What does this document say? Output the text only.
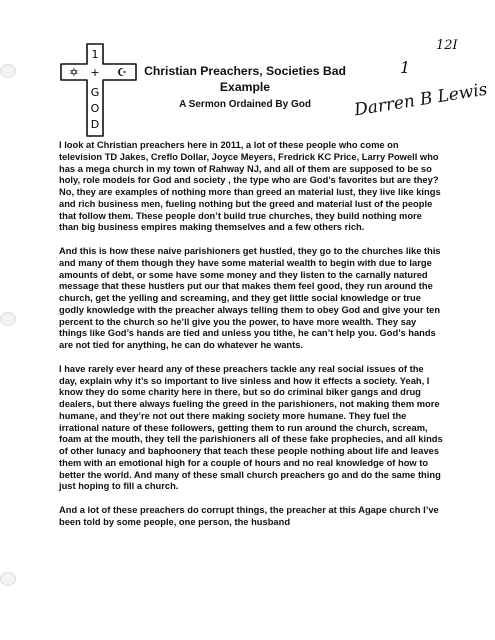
1
✡ + ☪
G
O
D
Christian Preachers, Societies Bad
Example
A Sermon Ordained By God
12I
1
Darren B Lewis

I look at Christian preachers here in 2011, a lot of these people who come on television TD Jakes, Creflo Dollar, Joyce Meyers, Fredrick KC Price, Larry Powell who has a mega church in my town of Rahway NJ, and all of them are supposed to be so holy, role models for God and society , the type who are God’s favorites but are they? No, they are examples of nothing more than greed an material lust, they live like kings and rich business men, fueling nothing but the greed and material lust of the people that follow them. These people don’t build true churches, they build nothing more than big business empires making themselves and a few others rich.

And this is how these naive parishioners get hustled, they go to the churches like this and many of them though they have some material wealth to begin with due to large amounts of debt, or some have some money and they listen to the carnally natured message that these hustlers put our that makes them feel good, they run around the church, get the yelling and screaming, and they get little social knowledge or true godly knowledge with the preacher always telling them to obey God and give your ten percent to the church so he’ll give you the power, to have more wealth. They say things like God’s hands are tied and unless you tithe, he can’t help you. God’s hands are not tied for anything, he can do whatever he wants.

I have rarely ever heard any of these preachers tackle any real social issues of the day, explain why it’s so important to live sinless and how it effects a society. Yeah, I know they do some charity here in there, but so do criminal biker gangs and drug dealers, but there always fueling the greed in the parishioners, not making them more humane, and they’re not out there making society more humane. They fuel the irrational nature of these followers, getting them to run around the church, scream, foam at the mouth, they tell the parishioners all of these fake prophecies, and all kinds of other lunacy and baphoonery that teach these people nothing about life and leaves them with an emotional high for a couple of hours and no real knowledge of how to better the world. And many of these small church preachers go and do the same thing just hoping to fill a church.

And a lot of these preachers do corrupt things, the preacher at this Agape church I’ve been told by some people, one person, the husband
